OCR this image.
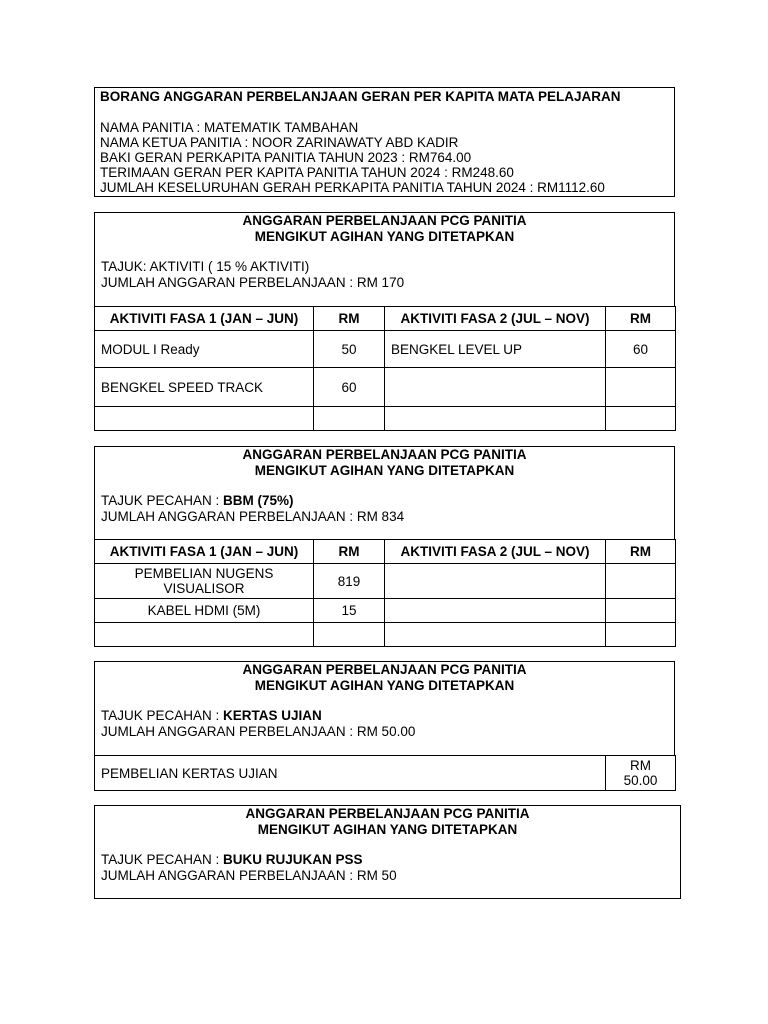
BORANG ANGGARAN PERBELANJAAN GERAN PER KAPITA MATA PELAJARAN
NAMA PANITIA : MATEMATIK TAMBAHAN
NAMA KETUA PANITIA : NOOR ZARINAWATY ABD KADIR
BAKI GERAN PERKAPITA PANITIA TAHUN 2023 : RM764.00
TERIMAAN GERAN PER KAPITA PANITIA TAHUN 2024 : RM248.60
JUMLAH KESELURUHAN GERAH PERKAPITA PANITIA TAHUN 2024 : RM1112.60
ANGGARAN PERBELANJAAN PCG PANITIA
MENGIKUT AGIHAN YANG DITETAPKAN
TAJUK: AKTIVITI ( 15 % AKTIVITI)
JUMLAH ANGGARAN PERBELANJAAN : RM 170
AKTIVITI FASA 1 (JAN – JUN)	RM	AKTIVITI FASA 2 (JUL – NOV)	RM
MODUL I Ready	50	BENGKEL LEVEL UP	60
BENGKEL SPEED TRACK	60		

ANGGARAN PERBELANJAAN PCG PANITIA
MENGIKUT AGIHAN YANG DITETAPKAN
TAJUK PECAHAN : BBM (75%)
JUMLAH ANGGARAN PERBELANJAAN : RM 834
AKTIVITI FASA 1 (JAN – JUN)	RM	AKTIVITI FASA 2 (JUL – NOV)	RM
PEMBELIAN NUGENS VISUALISOR	819		
KABEL HDMI (5M)	15		

ANGGARAN PERBELANJAAN PCG PANITIA
MENGIKUT AGIHAN YANG DITETAPKAN
TAJUK PECAHAN : KERTAS UJIAN
JUMLAH ANGGARAN PERBELANJAAN : RM 50.00
PEMBELIAN KERTAS UJIAN	RM 50.00
ANGGARAN PERBELANJAAN PCG PANITIA
MENGIKUT AGIHAN YANG DITETAPKAN
TAJUK PECAHAN : BUKU RUJUKAN PSS
JUMLAH ANGGARAN PERBELANJAAN : RM 50
